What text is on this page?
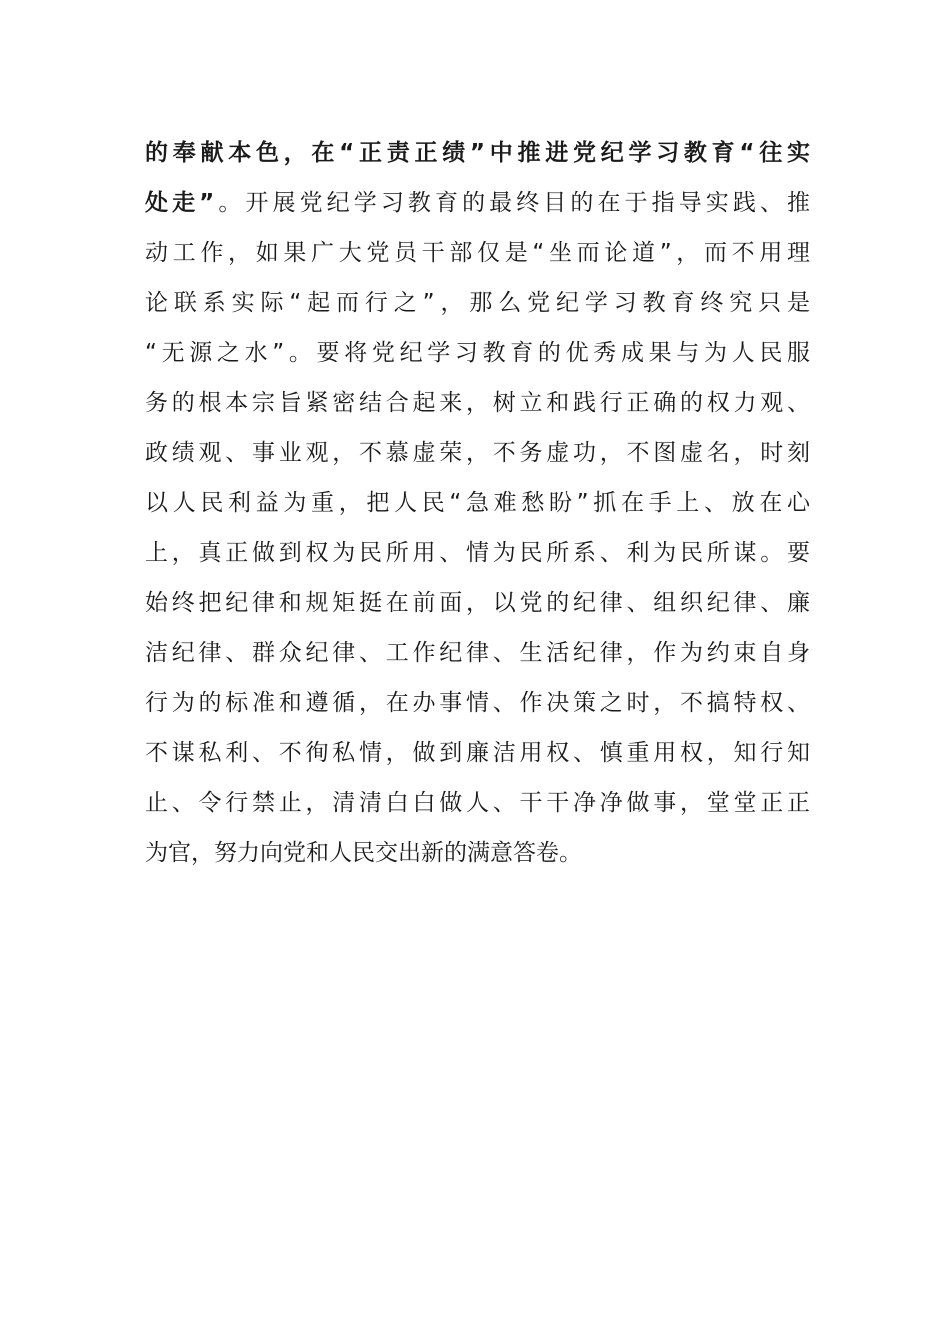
的奉献本色，在“正责正绩”中推进党纪学习教育“往实
处走”。开展党纪学习教育的最终目的在于指导实践、推
动工作，如果广大党员干部仅是“坐而论道”，而不用理
论联系实际“起而行之”，那么党纪学习教育终究只是
“无源之水”。要将党纪学习教育的优秀成果与为人民服
务的根本宗旨紧密结合起来，树立和践行正确的权力观、
政绩观、事业观，不慕虚荣，不务虚功，不图虚名，时刻
以人民利益为重，把人民“急难愁盼”抓在手上、放在心
上，真正做到权为民所用、情为民所系、利为民所谋。要
始终把纪律和规矩挺在前面，以党的纪律、组织纪律、廉
洁纪律、群众纪律、工作纪律、生活纪律，作为约束自身
行为的标准和遵循，在办事情、作决策之时，不搞特权、
不谋私利、不徇私情，做到廉洁用权、慎重用权，知行知
止、令行禁止，清清白白做人、干干净净做事，堂堂正正
为官，努力向党和人民交出新的满意答卷。
